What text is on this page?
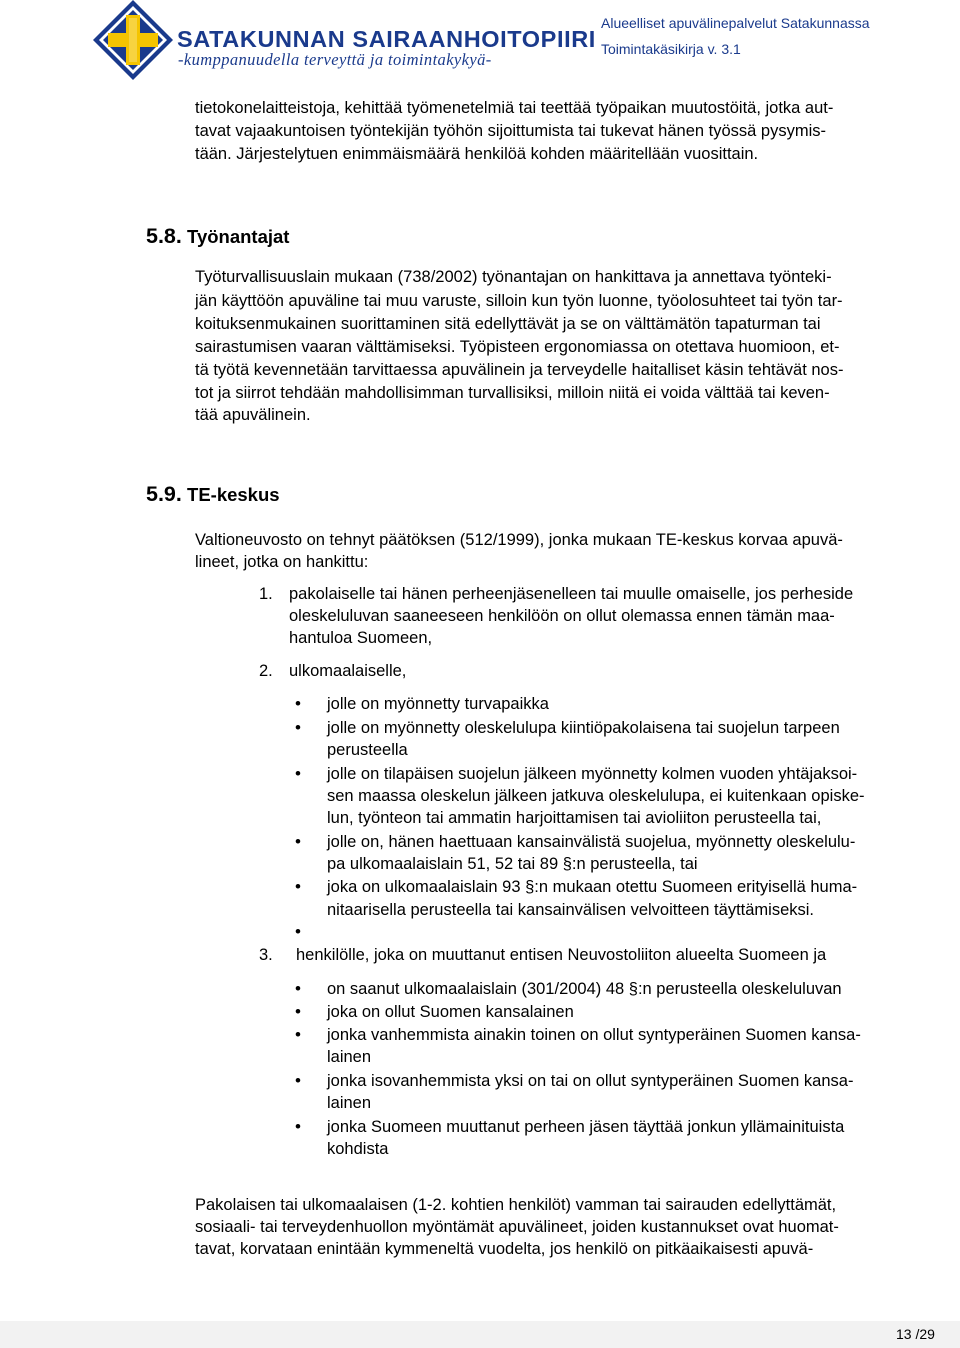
SATAKUNNAN SAIRAANHOITOPIIRI
-kumppanuudella terveyttä ja toimintakykyä-
Alueelliset apuvälinepalvelut Satakunnassa
Toimintakäsikirja v. 3.1
tietokonelaitteistoja, kehittää työmenetelmiä tai teettää työpaikan muutostöitä, jotka aut-
tavat vajaakuntoisen työntekijän työhön sijoittumista tai tukevat hänen työssä pysymis-
tään. Järjestelytuen enimmäismäärä henkilöä kohden määritellään vuosittain.
5.8. Työnantajat
Työturvallisuuslain mukaan (738/2002) työnantajan on hankittava ja annettava työnteki-
jän käyttöön apuväline tai muu varuste, silloin kun työn luonne, työolosuhteet tai työn tar-
koituksenmukainen suorittaminen sitä edellyttävät ja se on välttämätön tapaturman tai
sairastumisen vaaran välttämiseksi. Työpisteen ergonomiassa on otettava huomioon, et-
tä työtä kevennetään tarvittaessa apuvälinein ja terveydelle haitalliset käsin tehtävät nos-
tot ja siirrot tehdään mahdollisimman turvallisiksi, milloin niitä ei voida välttää tai keven-
tää apuvälinein.
5.9. TE-keskus
Valtioneuvosto on tehnyt päätöksen (512/1999), jonka mukaan TE-keskus korvaa apuvä-
lineet, jotka on hankittu:
1. pakolaiselle tai hänen perheenjäsenelleen tai muulle omaiselle, jos perheside
oleskeluluvan saaneeseen henkilöön on ollut olemassa ennen tämän maa-
hantuloa Suomeen,
2. ulkomaalaiselle,
• jolle on myönnetty turvapaikka
• jolle on myönnetty oleskelulupa kiintiöpakolaisena tai suojelun tarpeen
perusteella
• jolle on tilapäisen suojelun jälkeen myönnetty kolmen vuoden yhtäjaksoi-
sen maassa oleskelun jälkeen jatkuva oleskelulupa, ei kuitenkaan opiske-
lun, työnteon tai ammatin harjoittamisen tai avioliiton perusteella tai,
• jolle on, hänen haettuaan kansainvälistä suojelua, myönnetty oleskelulu-
pa ulkomaalaislain 51, 52 tai 89 §:n perusteella, tai
• joka on ulkomaalaislain 93 §:n mukaan otettu Suomeen erityisellä huma-
nitaarisella perusteella tai kansainvälisen velvoitteen täyttämiseksi.
•
3. henkilölle, joka on muuttanut entisen Neuvostoliiton alueelta Suomeen ja
• on saanut ulkomaalaislain (301/2004) 48 §:n perusteella oleskeluluvan
• joka on ollut Suomen kansalainen
• jonka vanhemmista ainakin toinen on ollut syntyperäinen Suomen kansa-
lainen
• jonka isovanhemmista yksi on tai on ollut syntyperäinen Suomen kansa-
lainen
• jonka Suomeen muuttanut perheen jäsen täyttää jonkun yllämainituista
kohdista
Pakolaisen tai ulkomaalaisen (1-2. kohtien henkilöt) vamman tai sairauden edellyttämät,
sosiaali- tai terveydenhuollon myöntämät apuvälineet, joiden kustannukset ovat huomat-
tavat, korvataan enintään kymmeneltä vuodelta, jos henkilö on pitkäaikaisesti apuvä-
13 /29
